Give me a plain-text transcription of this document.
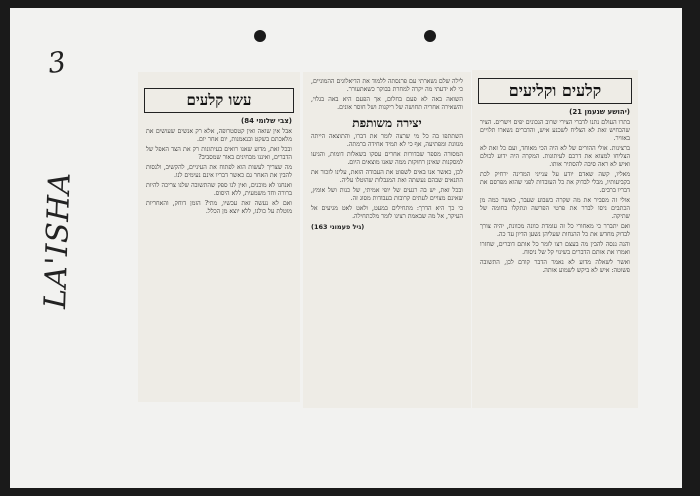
3
LA'ISHA
עשו קלעים
(צבי שלומי 84)

אבל אין שואה ואין קטסטרופה, אלא רק אנשים שעושים את מלאכתם בשקט ובנאמנות, יום אחר יום.

ובכל זאת, מדוע שאנו רואים בעיתונות רק את הצד האפל של הדברים, ואיננו מבחינים באור שמסביב?

מה שצריך לעשות הוא לפתוח את העיניים, להקשיב, ולנסות להבין את האחר גם כאשר דבריו אינם נעימים לנו.

ואנחנו לא מוכנים, ואין לנו ספק שהתשובה שלנו צריכה להיות ברורה וחד משמעית, ללא היסוס.

ואם לא נעשה זאת עכשיו, מתי? הזמן דוחק, והאחריות מוטלת על כולנו, ללא יוצא מן הכלל.

לילה שלם נשארתי עם פרנסתה ללמוד את הדיאלוגים ההמוניים, כי לא ידעתי מה יקרה למחרת בבוקר כשאתעורר.

השואה באה לא פעם בחלום, אך הפעם היא באה בגלוי, והשאירה אחריה תחושה של ריקנות ושל חוסר אונים.

יצירה משותפת

השתתפו בה כל מי שרצה לומר את דברו, והתוצאה הייתה מגוונת ומפתיעה, אף כי לא תמיד אחידה ברמתה.

המסורה מספר שבדורות אחרים עסקו בשאלות דומות, והגיעו למסקנות שאינן רחוקות ממה שאנו מוצאים היום.

לכן, כאשר אנו באים לשפוט את העבודה הזאת, עלינו לזכור את התנאים שבהם נעשתה ואת המגבלות שהוטלו עליה.

ובכל זאת, יש בה רגעים של יופי אמיתי, של כנות ושל אומץ, שאינם מצויים לעתים קרובות בעבודות מסוג זה.

כי כך היא הדרך: מתחילים במעט, ולאט לאט מגיעים אל העיקר, אל מה שבאמת רצינו לומר מלכתחילה.

(גיל פעמוני 163)
קלעים וקליעים
(יהושע שנעמן 21)

בתרו העולם נתנו לדברי הצירי שרוב הנכונים יפים וישרים. הציר שהכחיש זאת לא הצליח לשכנע איש, והדברים נשארו תלויים באוויר.

ברצינות. אולי ההורים של לא היה הכי מאוחד, ועם כל זאת לא הצליחו למצוא את דרכם לעיתונות. המקרה היה ידוע לכולם ואיש לא ראה סיבה להסתיר אותו.

מאליו, קשה שאדם יודע על ענייני המדינה ירחיק לכת בקביעותיו, מבלי לבדוק את כל העובדות לפני שהוא מפרסם את דבריו ברבים.

אולי זה מסביר את מה שקרה בשבוע שעבר, כאשר כמה מן הכתבים ניסו לברר את פרטי הפרשה ונתקלו בחומה של שתיקה.

ואם יתברר כי מאחורי כל זה עומדת כוונה מכוונת, יהיה צורך לבדוק מחדש את כל ההנחות שעליהן נשען הדיון עד כה.

והנה ננסה להבין מה בעצם רצו לומר כל אותם דוברים, שחזרו ואמרו את אותם הדברים בשינוי קל של ניסוח.

ואשר לשאלה מדוע לא נאמר הדבר קודם לכן, התשובה פשוטה: איש לא ביקש לשמוע אותה.
